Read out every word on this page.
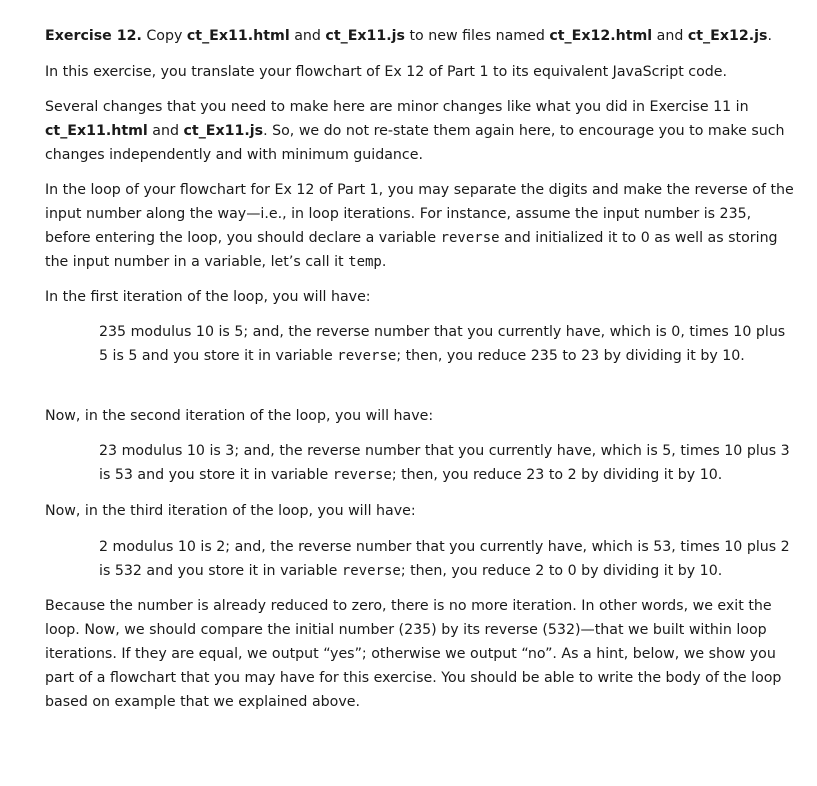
Exercise 12. Copy ct_Ex11.html and ct_Ex11.js to new files named ct_Ex12.html and ct_Ex12.js.

In this exercise, you translate your flowchart of Ex 12 of Part 1 to its equivalent JavaScript code.

Several changes that you need to make here are minor changes like what you did in Exercise 11 in ct_Ex11.html and ct_Ex11.js. So, we do not re-state them again here, to encourage you to make such changes independently and with minimum guidance.

In the loop of your flowchart for Ex 12 of Part 1, you may separate the digits and make the reverse of the input number along the way—i.e., in loop iterations. For instance, assume the input number is 235, before entering the loop, you should declare a variable reverse and initialized it to 0 as well as storing the input number in a variable, let’s call it temp.

In the first iteration of the loop, you will have:

235 modulus 10 is 5; and, the reverse number that you currently have, which is 0, times 10 plus 5 is 5 and you store it in variable reverse; then, you reduce 235 to 23 by dividing it by 10.

Now, in the second iteration of the loop, you will have:

23 modulus 10 is 3; and, the reverse number that you currently have, which is 5, times 10 plus 3 is 53 and you store it in variable reverse; then, you reduce 23 to 2 by dividing it by 10.

Now, in the third iteration of the loop, you will have:

2 modulus 10 is 2; and, the reverse number that you currently have, which is 53, times 10 plus 2 is 532 and you store it in variable reverse; then, you reduce 2 to 0 by dividing it by 10.

Because the number is already reduced to zero, there is no more iteration. In other words, we exit the loop. Now, we should compare the initial number (235) by its reverse (532)—that we built within loop iterations. If they are equal, we output “yes”; otherwise we output “no”. As a hint, below, we show you part of a flowchart that you may have for this exercise. You should be able to write the body of the loop based on example that we explained above.
